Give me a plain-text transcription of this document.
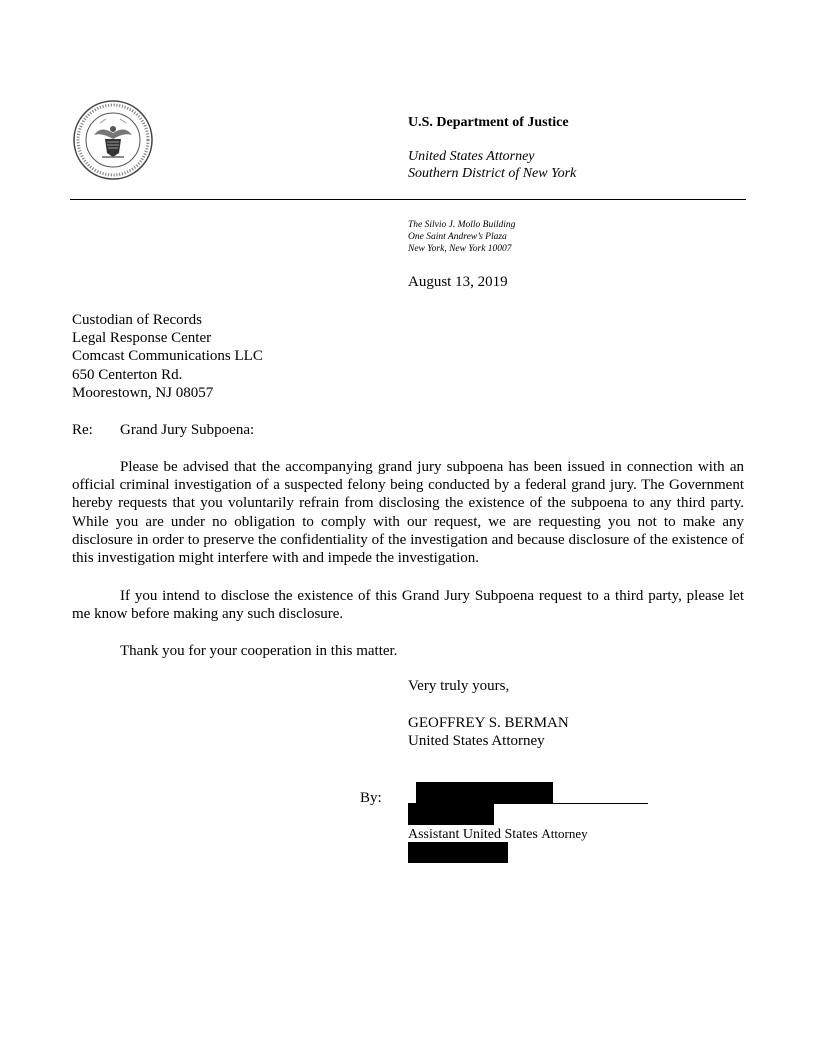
U.S. Department of Justice
United States Attorney
Southern District of New York
The Silvio J. Mollo Building
One Saint Andrew’s Plaza
New York, New York 10007
August 13, 2019
Custodian of Records
Legal Response Center
Comcast Communications LLC
650 Centerton Rd.
Moorestown, NJ 08057
Re: Grand Jury Subpoena:
Please be advised that the accompanying grand jury subpoena has been issued in connection with an official criminal investigation of a suspected felony being conducted by a federal grand jury. The Government hereby requests that you voluntarily refrain from disclosing the existence of the subpoena to any third party. While you are under no obligation to comply with our request, we are requesting you not to make any disclosure in order to preserve the confidentiality of the investigation and because disclosure of the existence of this investigation might interfere with and impede the investigation.
If you intend to disclose the existence of this Grand Jury Subpoena request to a third party, please let me know before making any such disclosure.
Thank you for your cooperation in this matter.
Very truly yours,
GEOFFREY S. BERMAN
United States Attorney
By:
Assistant United States Attorney
